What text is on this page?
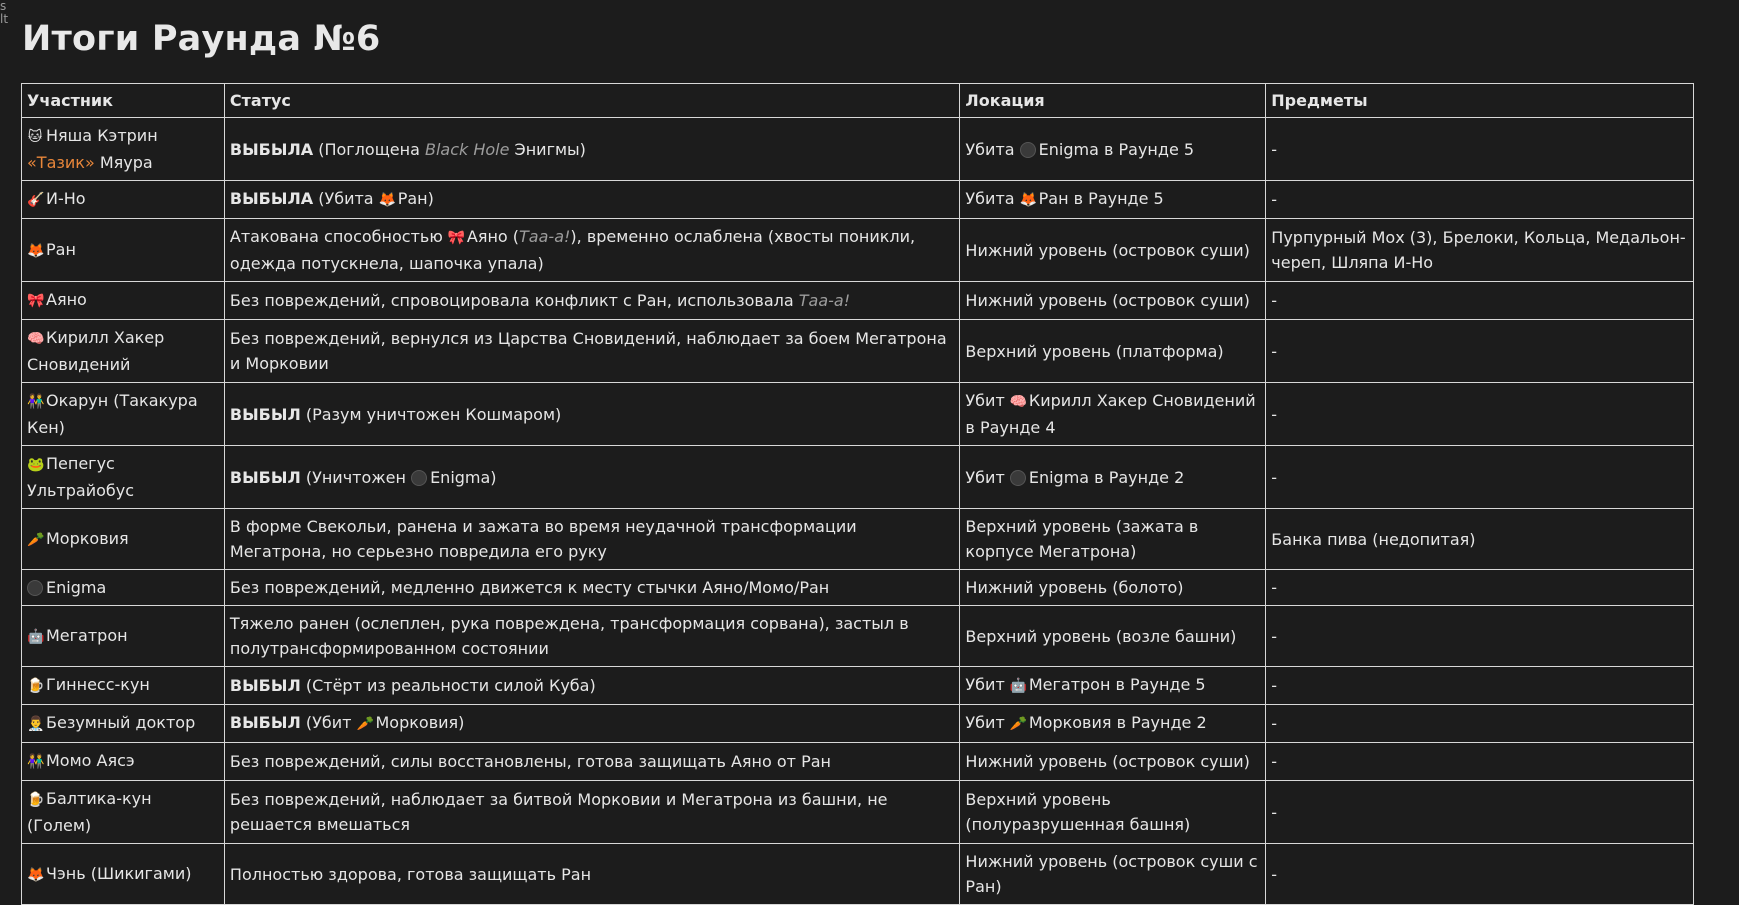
s
lt Итоги Раунда №6
Участник	Статус	Локация	Предметы
🐱 Няша Кэтрин «Тазик» Мяура	ВЫБЫЛА (Поглощена Black Hole Энигмы)	Убита Enigma в Раунде 5	-
🎸И-Но	ВЫБЫЛА (Убита 🦊Ран)	Убита 🦊Ран в Раунде 5	-
🦊Ран	Атакована способностью 🎀Аяно (Таа-а!), временно ослаблена (хвосты поникли, одежда потускнела, шапочка упала)	Нижний уровень (островок суши)	Пурпурный Мох (3), Брелоки, Кольца, Медальон-череп, Шляпа И-Но
🎀Аяно	Без повреждений, спровоцировала конфликт с Ран, использовала Таа-а!	Нижний уровень (островок суши)	-
🧠Кирилл Хакер Сновидений	Без повреждений, вернулся из Царства Сновидений, наблюдает за боем Мегатрона и Морковии	Верхний уровень (платформа)	-
👫Окарун (Такакура Кен)	ВЫБЫЛ (Разум уничтожен Кошмаром)	Убит 🧠Кирилл Хакер Сновидений в Раунде 4	-
🐸Пепегус Ультрайобус	ВЫБЫЛ (Уничтожен Enigma)	Убит Enigma в Раунде 2	-
🥕Морковия	В форме Свекольи, ранена и зажата во время неудачной трансформации Мегатрона, но серьезно повредила его руку	Верхний уровень (зажата в корпусе Мегатрона)	Банка пива (недопитая)
Enigma	Без повреждений, медленно движется к месту стычки Аяно/Момо/Ран	Нижний уровень (болото)	-
🤖Мегатрон	Тяжело ранен (ослеплен, рука повреждена, трансформация сорвана), застыл в полутрансформированном состоянии	Верхний уровень (возле башни)	-
🍺Гиннесс-кун	ВЫБЫЛ (Стёрт из реальности силой Куба)	Убит 🤖Мегатрон в Раунде 5	-
👨‍⚕️Безумный доктор	ВЫБЫЛ (Убит 🥕Морковия)	Убит 🥕Морковия в Раунде 2	-
👫Момо Аясэ	Без повреждений, силы восстановлены, готова защищать Аяно от Ран	Нижний уровень (островок суши)	-
🍺Балтика-кун (Голем)	Без повреждений, наблюдает за битвой Морковии и Мегатрона из башни, не решается вмешаться	Верхний уровень (полуразрушенная башня)	-
🦊Чэнь (Шикигами)	Полностью здорова, готова защищать Ран	Нижний уровень (островок суши с Ран)	-
